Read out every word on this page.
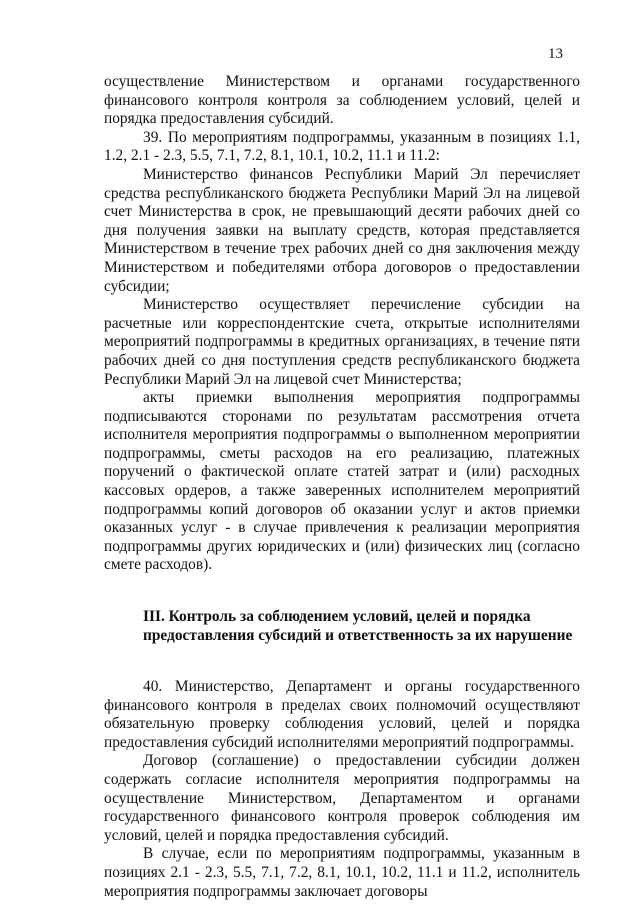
13

осуществление Министерством и органами государственного финансового контроля контроля за соблюдением условий, целей и порядка предоставления субсидий.

39. По мероприятиям подпрограммы, указанным в позициях 1.1, 1.2, 2.1 - 2.3, 5.5, 7.1, 7.2, 8.1, 10.1, 10.2, 11.1 и 11.2:

Министерство финансов Республики Марий Эл перечисляет средства республиканского бюджета Республики Марий Эл на лицевой счет Министерства в срок, не превышающий десяти рабочих дней со дня получения заявки на выплату средств, которая представляется Министерством в течение трех рабочих дней со дня заключения между Министерством и победителями отбора договоров о предоставлении субсидии;

Министерство осуществляет перечисление субсидии на расчетные или корреспондентские счета, открытые исполнителями мероприятий подпрограммы в кредитных организациях, в течение пяти рабочих дней со дня поступления средств республиканского бюджета Республики Марий Эл на лицевой счет Министерства;

акты приемки выполнения мероприятия подпрограммы подписываются сторонами по результатам рассмотрения отчета исполнителя мероприятия подпрограммы о выполненном мероприятии подпрограммы, сметы расходов на его реализацию, платежных поручений о фактической оплате статей затрат и (или) расходных кассовых ордеров, а также заверенных исполнителем мероприятий подпрограммы копий договоров об оказании услуг и актов приемки оказанных услуг - в случае привлечения к реализации мероприятия подпрограммы других юридических и (или) физических лиц (согласно смете расходов).

III. Контроль за соблюдением условий, целей и порядка

предоставления субсидий и ответственность за их нарушение

40. Министерство, Департамент и органы государственного финансового контроля в пределах своих полномочий осуществляют обязательную проверку соблюдения условий, целей и порядка предоставления субсидий исполнителями мероприятий подпрограммы.

Договор (соглашение) о предоставлении субсидии должен содержать согласие исполнителя мероприятия подпрограммы на осуществление Министерством, Департаментом и органами государственного финансового контроля проверок соблюдения им условий, целей и порядка предоставления субсидий.

В случае, если по мероприятиям подпрограммы, указанным в позициях 2.1 - 2.3, 5.5, 7.1, 7.2, 8.1, 10.1, 10.2, 11.1 и 11.2, исполнитель мероприятия подпрограммы заключает договоры
